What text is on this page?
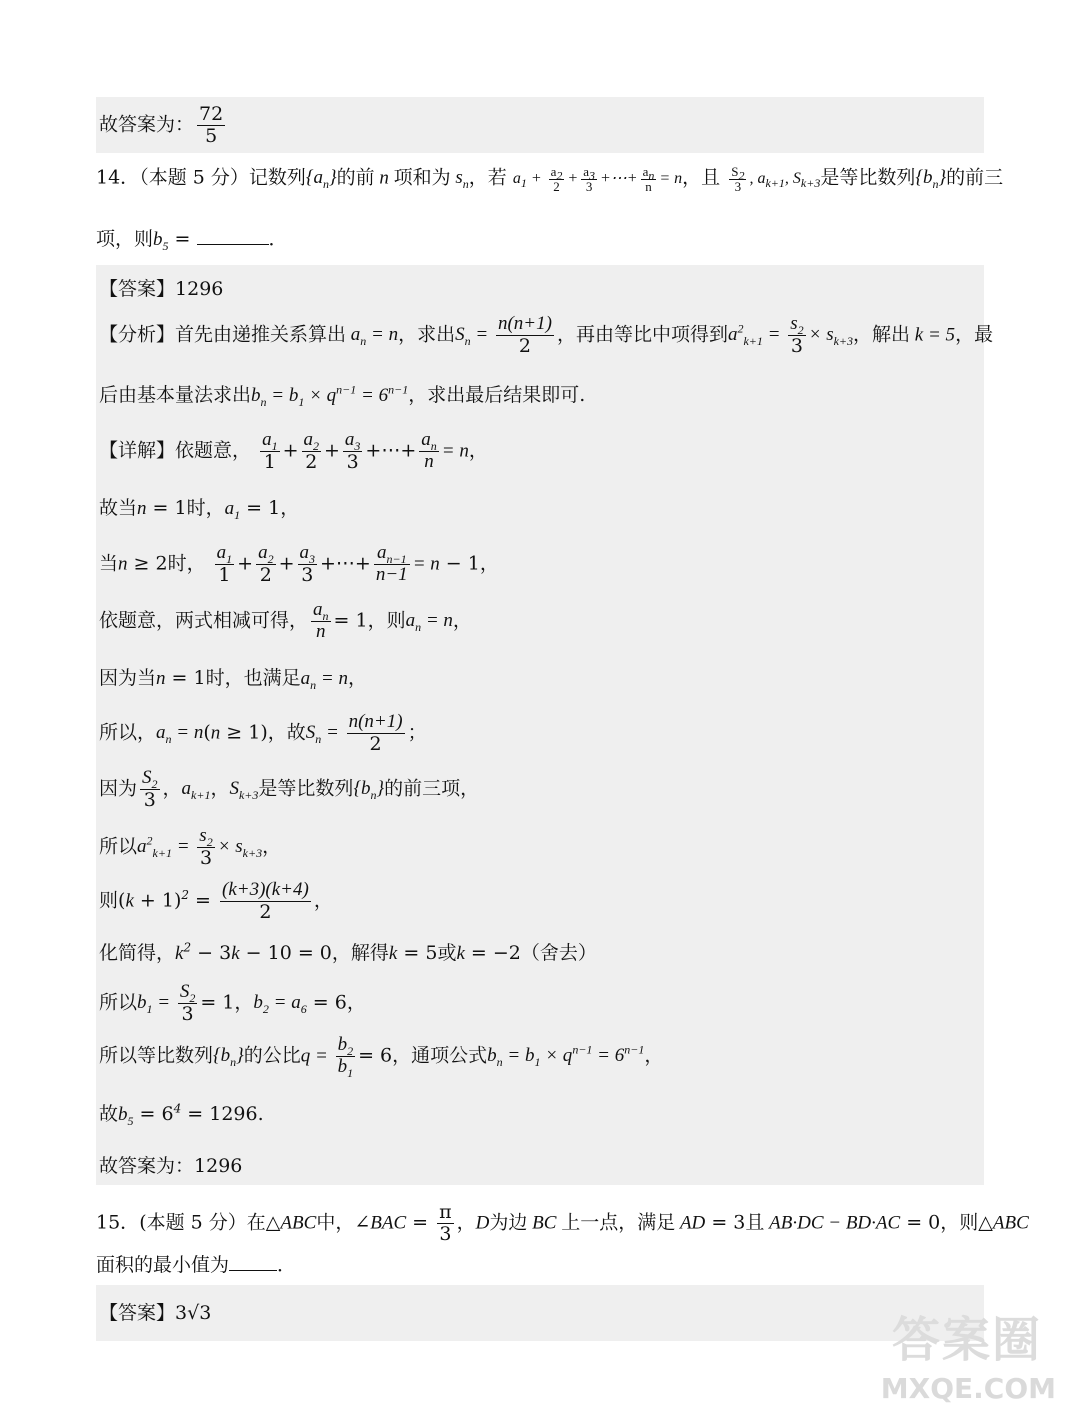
故答案为： $\frac{72}{5}$
14．（本题 5 分）记数列$\{a_n\}$的前 n 项和为 $s_n$，若 $a_1 + \frac{a_2}{2} + \frac{a_3}{3}$ +⋯+ $\frac{a_n}{n} = n$，且 $\frac{S_2}{3}$ , $a_{k+1}$, $S_{k+3}$是等比数列$\{b_n\}$的前三
项，则$b_5$ =	．
【答案】1296
【分析】首先由递推关系算出 $a_n = n$，求出$S_n = \frac{n(n+1)}{2}$ ，再由等比中项得到$a^2_{k+1} = \frac{s_2}{3} \times s_{k+3}$，解出 k = 5，最
后由基本量法求出$b_n = b_1 \times q^{n-1} = 6^{n-1}$，求出最后结果即可.
【详解】依题意， $\frac{a_1}{1} + \frac{a_2}{2} + \frac{a_3}{3}$ +⋯+ $\frac{a_n}{n} = n$，
故当n = 1时，$a_1 = 1$，
当n ≥ 2时， $\frac{a_1}{1} + \frac{a_2}{2} + \frac{a_3}{3}$ +⋯+ $\frac{a_{n-1}}{n-1} = n - 1$，
依题意，两式相减可得， $\frac{a_n}{n} = 1$，则$a_n = n$，
因为当n = 1时，也满足$a_n = n$，
所以，$a_n = n(n \ge 1)$，故$S_n = \frac{n(n+1)}{2}$ ；
因为 $\frac{S_2}{3}$ ，$a_{k+1}$，$S_{k+3}$是等比数列$\{b_n\}$的前三项，
所以$a^2_{k+1} = \frac{s_2}{3} \times s_{k+3}$，
则$(k + 1)^2 = \frac{(k+3)(k+4)}{2}$ ，
化简得，$k^2 - 3k - 10 = 0$，解得k = 5或k = −2（舍去）
所以$b_1 = \frac{S_2}{3} = 1$，$b_2 = a_6 = 6$，
所以等比数列$\{b_n\}$的公比$q = \frac{b_2}{b_1} = 6$，通项公式$b_n = b_1 \times q^{n-1} = 6^{n-1}$，
故$b_5 = 6^4 = 1296$.
故答案为：1296
15．(本题 5 分）在△ABC中，∠BAC = $\frac{\pi}{3}$ ，D为边 BC 上一点，满足 AD = 3且 AB·DC − BD·AC = 0，则△ABC
面积的最小值为	．
【答案】3√3	答案圈
MXQE.COM
